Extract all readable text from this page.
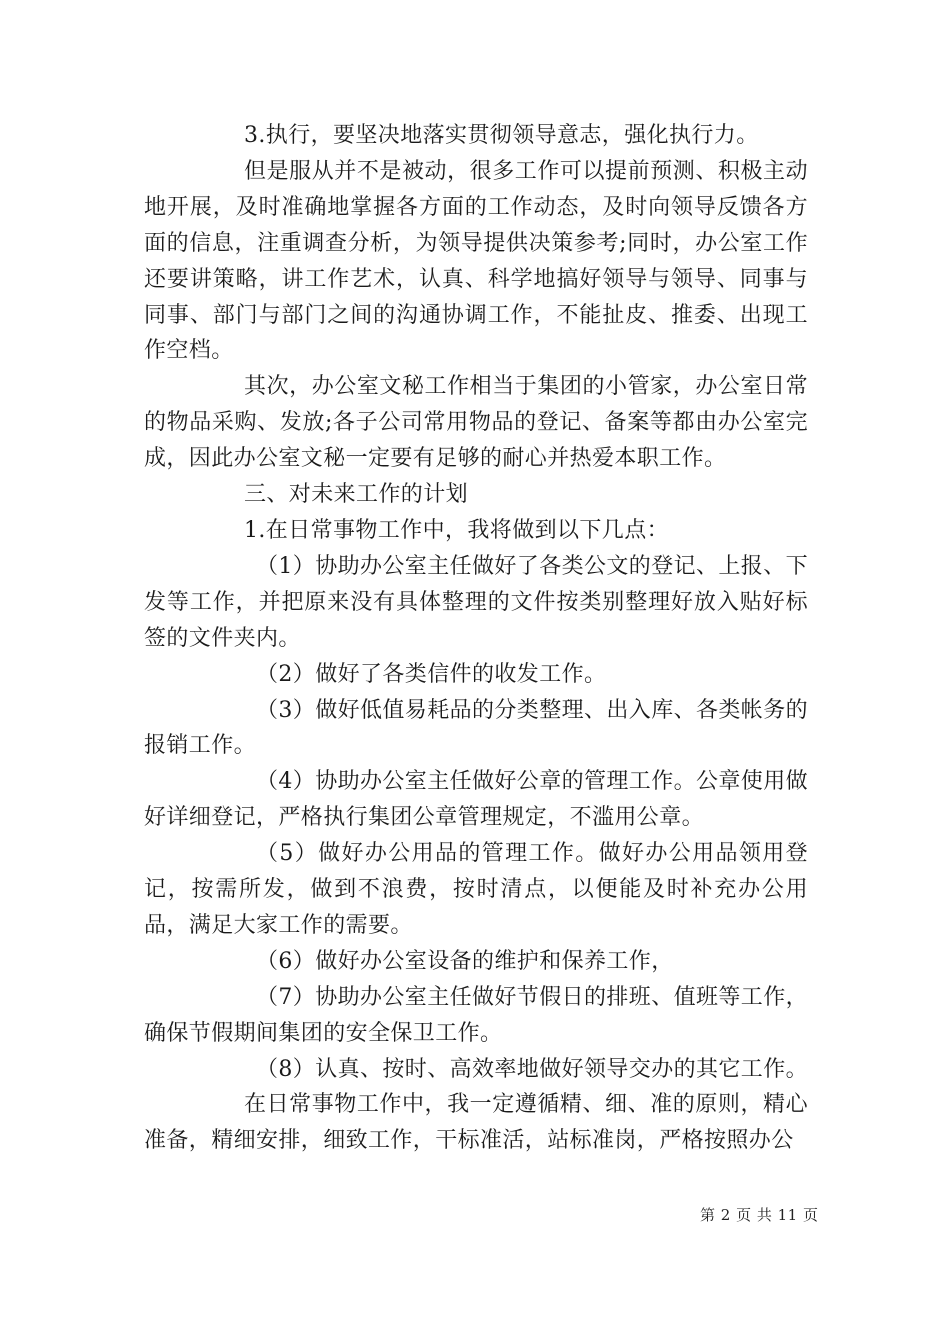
3.执行，要坚决地落实贯彻领导意志，强化执行力。

但是服从并不是被动，很多工作可以提前预测、积极主动地开展，及时准确地掌握各方面的工作动态，及时向领导反馈各方面的信息，注重调查分析，为领导提供决策参考;同时，办公室工作还要讲策略，讲工作艺术，认真、科学地搞好领导与领导、同事与同事、部门与部门之间的沟通协调工作，不能扯皮、推委、出现工作空档。

其次，办公室文秘工作相当于集团的小管家，办公室日常的物品采购、发放;各子公司常用物品的登记、备案等都由办公室完成，因此办公室文秘一定要有足够的耐心并热爱本职工作。

三、对未来工作的计划

1.在日常事物工作中，我将做到以下几点：

（1）协助办公室主任做好了各类公文的登记、上报、下发等工作，并把原来没有具体整理的文件按类别整理好放入贴好标签的文件夹内。

（2）做好了各类信件的收发工作。

（3）做好低值易耗品的分类整理、出入库、各类帐务的报销工作。

（4）协助办公室主任做好公章的管理工作。公章使用做好详细登记，严格执行集团公章管理规定，不滥用公章。

（5）做好办公用品的管理工作。做好办公用品领用登记，按需所发，做到不浪费，按时清点，以便能及时补充办公用品，满足大家工作的需要。

（6）做好办公室设备的维护和保养工作，

（7）协助办公室主任做好节假日的排班、值班等工作，确保节假期间集团的安全保卫工作。

（8）认真、按时、高效率地做好领导交办的其它工作。

在日常事物工作中，我一定遵循精、细、准的原则，精心准备，精细安排，细致工作，干标准活，站标准岗，严格按照办公

第 2 页 共 11 页
